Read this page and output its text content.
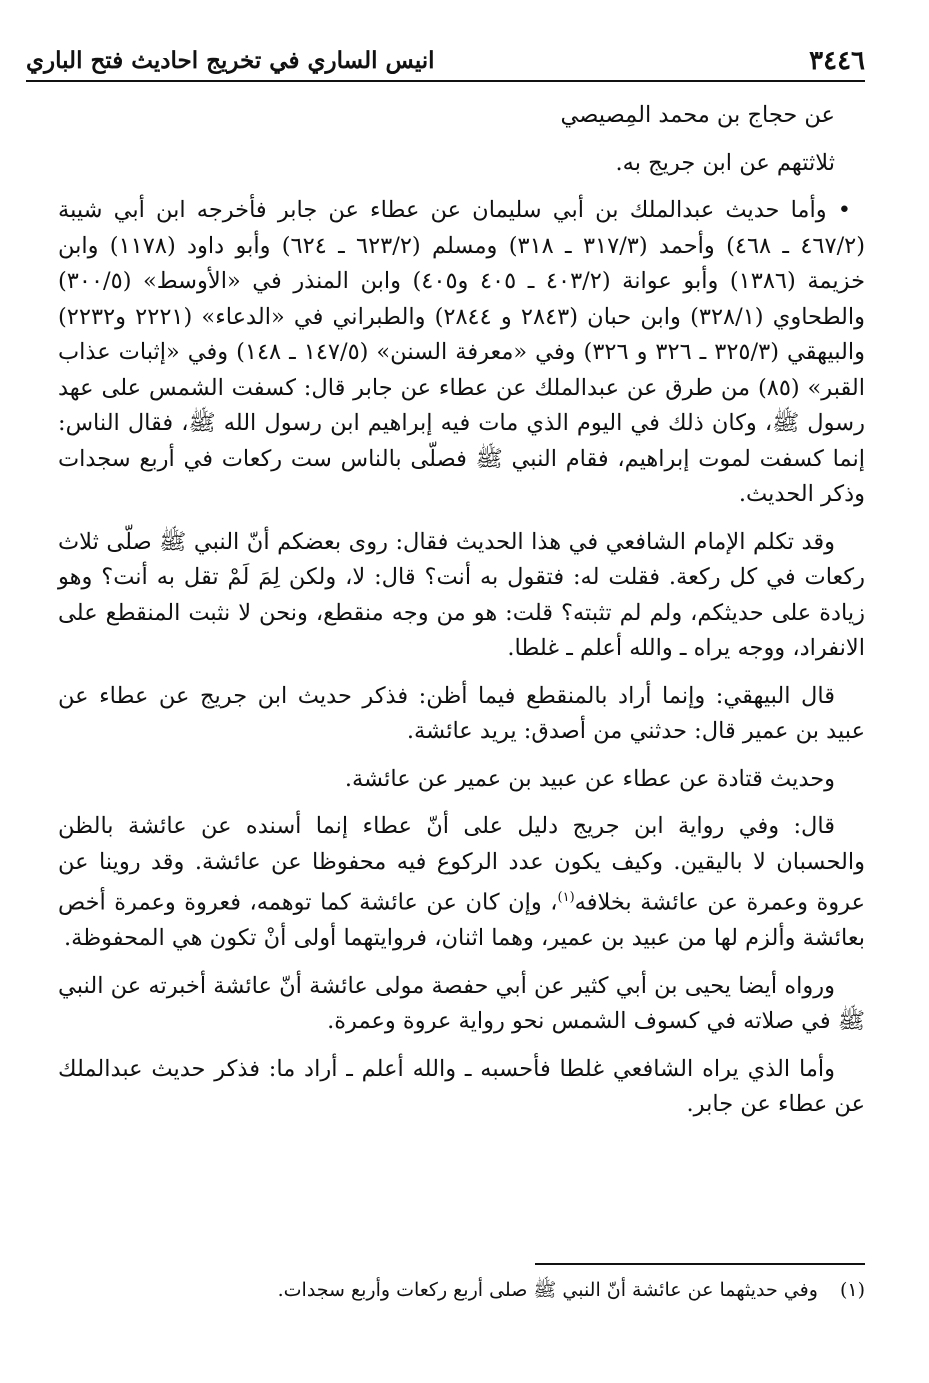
٣٤٤٦
انيس الساري في تخريج احاديث فتح الباري

عن حجاج بن محمد المِصيصي

ثلاثتهم عن ابن جريج به.

• وأما حديث عبدالملك بن أبي سليمان عن عطاء عن جابر فأخرجه ابن أبي شيبة (٤٦٧/٢ ـ ٤٦٨) وأحمد (٣١٧/٣ ـ ٣١٨) ومسلم (٦٢٣/٢ ـ ٦٢٤) وأبو داود (١١٧٨) وابن خزيمة (١٣٨٦) وأبو عوانة (٤٠٣/٢ ـ ٤٠٥ و٤٠٥) وابن المنذر في «الأوسط» (٣٠٠/٥) والطحاوي (٣٢٨/١) وابن حبان (٢٨٤٣ و ٢٨٤٤) والطبراني في «الدعاء» (٢٢٢١ و٢٢٣٢) والبيهقي (٣٢٥/٣ ـ ٣٢٦ و ٣٢٦) وفي «معرفة السنن» (١٤٧/٥ ـ ١٤٨) وفي «إثبات عذاب القبر» (٨٥) من طرق عن عبدالملك عن عطاء عن جابر قال: كسفت الشمس على عهد رسول ﷺ، وكان ذلك في اليوم الذي مات فيه إبراهيم ابن رسول الله ﷺ، فقال الناس: إنما كسفت لموت إبراهيم، فقام النبي ﷺ فصلّى بالناس ست ركعات في أربع سجدات وذكر الحديث.

وقد تكلم الإمام الشافعي في هذا الحديث فقال: روى بعضكم أنّ النبي ﷺ صلّى ثلاث ركعات في كل ركعة. فقلت له: فتقول به أنت؟ قال: لا، ولكن لِمَ لَمْ تقل به أنت؟ وهو زيادة على حديثكم، ولم لم تثبته؟ قلت: هو من وجه منقطع، ونحن لا نثبت المنقطع على الانفراد، ووجه يراه ـ والله أعلم ـ غلطا.

قال البيهقي: وإنما أراد بالمنقطع فيما أظن: فذكر حديث ابن جريج عن عطاء عن عبيد بن عمير قال: حدثني من أصدق: يريد عائشة.

وحديث قتادة عن عطاء عن عبيد بن عمير عن عائشة.

قال: وفي رواية ابن جريج دليل على أنّ عطاء إنما أسنده عن عائشة بالظن والحسبان لا باليقين. وكيف يكون عدد الركوع فيه محفوظا عن عائشة. وقد روينا عن عروة وعمرة عن عائشة بخلافه$^{(١)}$، وإن كان عن عائشة كما توهمه، فعروة وعمرة أخص بعائشة وألزم لها من عبيد بن عمير، وهما اثنان، فروايتهما أولى أنْ تكون هي المحفوظة.

ورواه أيضا يحيى بن أبي كثير عن أبي حفصة مولى عائشة أنّ عائشة أخبرته عن النبي ﷺ في صلاته في كسوف الشمس نحو رواية عروة وعمرة.

وأما الذي يراه الشافعي غلطا فأحسبه ـ والله أعلم ـ أراد ما: فذكر حديث عبدالملك عن عطاء عن جابر.

(١) وفي حديثهما عن عائشة أنّ النبي ﷺ صلى أربع ركعات وأربع سجدات.
